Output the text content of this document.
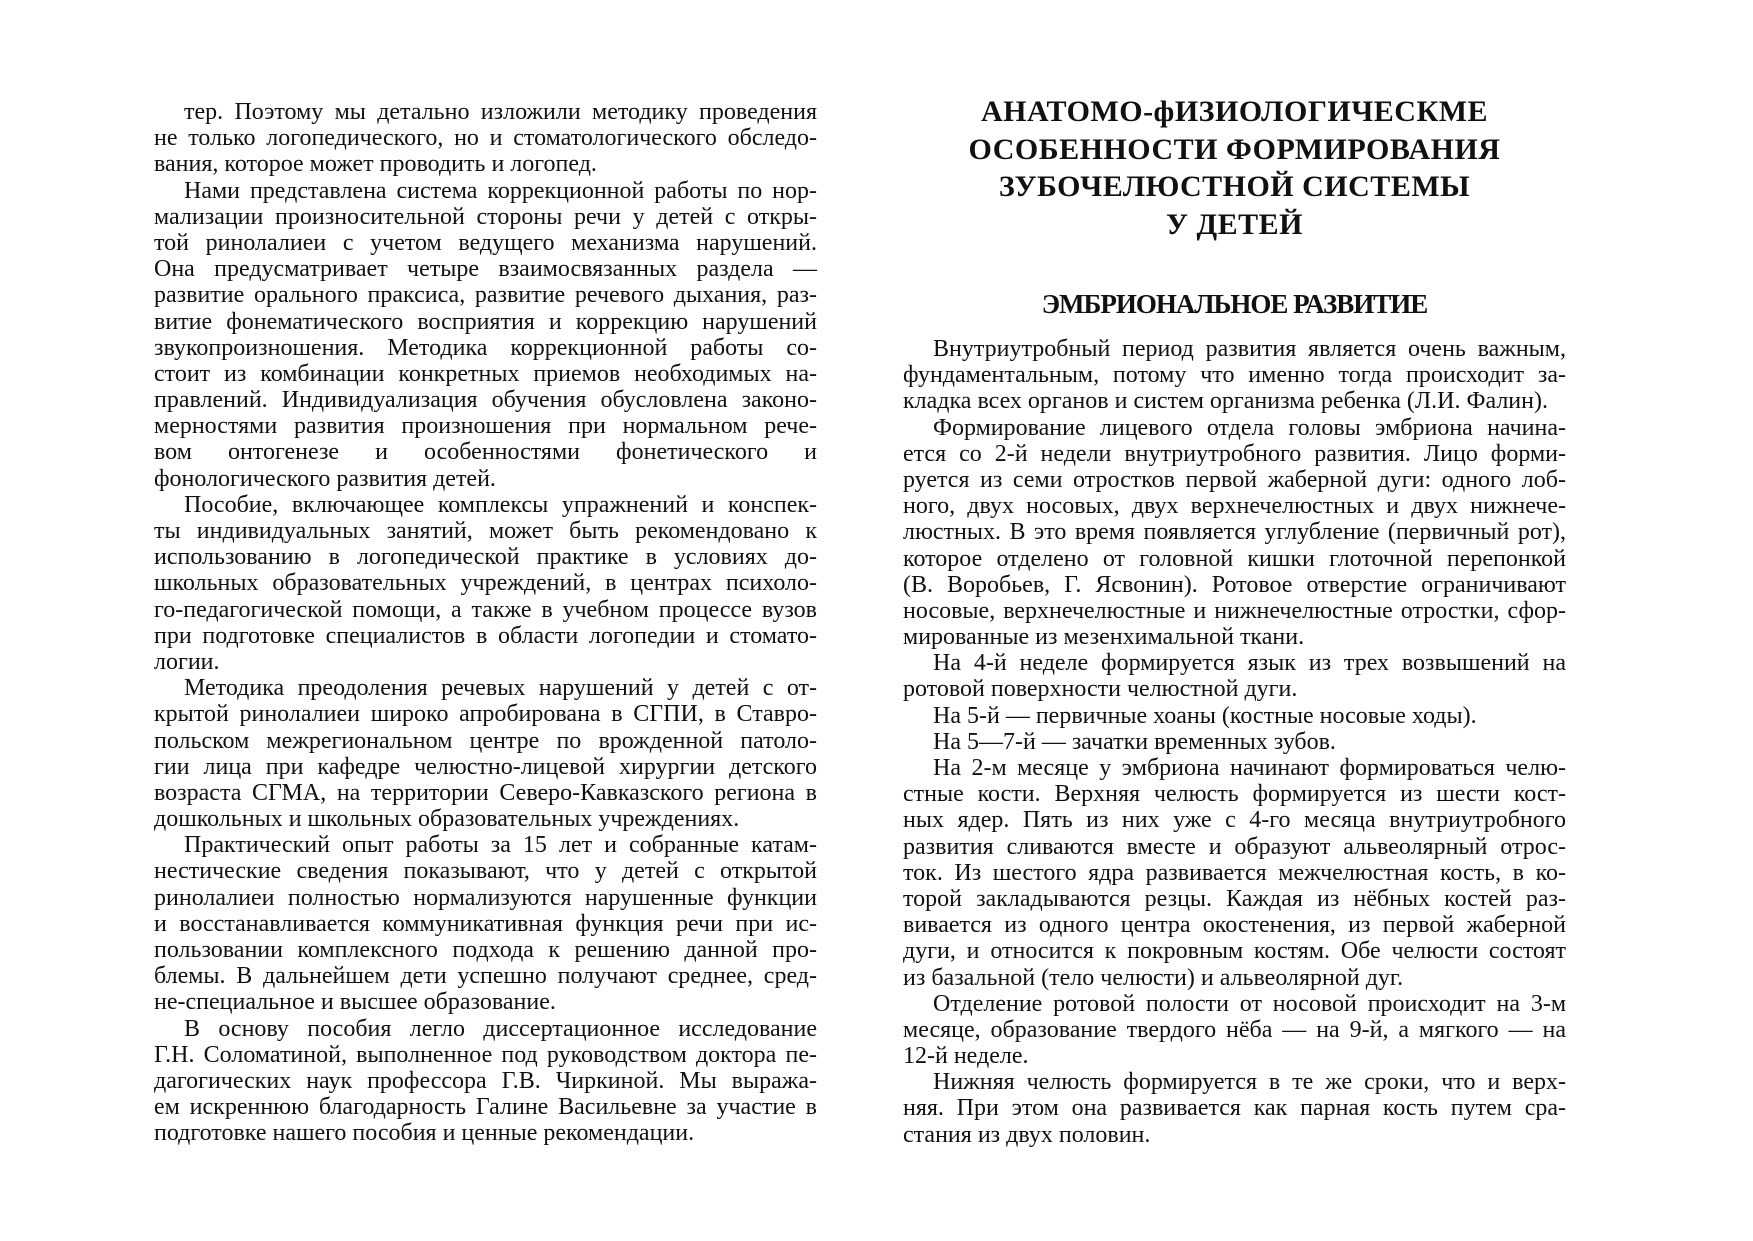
тер. Поэтому мы детально изложили методику проведения
не только логопедического, но и стоматологического обследо-
вания, которое может проводить и логопед.
Нами представлена система коррекционной работы по нор-
мализации произносительной стороны речи у детей с откры-
той ринолалиеи с учетом ведущего механизма нарушений.
Она предусматривает четыре взаимосвязанных раздела —
развитие орального праксиса, развитие речевого дыхания, раз-
витие фонематического восприятия и коррекцию нарушений
звукопроизношения. Методика коррекционной работы со-
стоит из комбинации конкретных приемов необходимых на-
правлений. Индивидуализация обучения обусловлена законо-
мерностями развития произношения при нормальном рече-
вом онтогенезе и особенностями фонетического и
фонологического развития детей.
Пособие, включающее комплексы упражнений и конспек-
ты индивидуальных занятий, может быть рекомендовано к
использованию в логопедической практике в условиях до-
школьных образовательных учреждений, в центрах психоло-
го-педагогической помощи, а также в учебном процессе вузов
при подготовке специалистов в области логопедии и стомато-
логии.
Методика преодоления речевых нарушений у детей с от-
крытой ринолалиеи широко апробирована в СГПИ, в Ставро-
польском межрегиональном центре по врожденной патоло-
гии лица при кафедре челюстно-лицевой хирургии детского
возраста СГМА, на территории Северо-Кавказского региона в
дошкольных и школьных образовательных учреждениях.
Практический опыт работы за 15 лет и собранные катам-
нестические сведения показывают, что у детей с открытой
ринолалиеи полностью нормализуются нарушенные функции
и восстанавливается коммуникативная функция речи при ис-
пользовании комплексного подхода к решению данной про-
блемы. В дальнейшем дети успешно получают среднее, сред-
не-специальное и высшее образование.
В основу пособия легло диссертационное исследование
Г.Н. Соломатиной, выполненное под руководством доктора пе-
дагогических наук профессора Г.В. Чиркиной. Мы выража-
ем искреннюю благодарность Галине Васильевне за участие в
подготовке нашего пособия и ценные рекомендации.
АНАТОМО-фИЗИОЛОГИЧЕСКМЕ
ОСОБЕННОСТИ ФОРМИРОВАНИЯ
ЗУБОЧЕЛЮСТНОЙ СИСТЕМЫ
У ДЕТЕЙ
ЭМБРИОНАЛЬНОЕ РАЗВИТИЕ
Внутриутробный период развития является очень важным,
фундаментальным, потому что именно тогда происходит за-
кладка всех органов и систем организма ребенка (Л.И. Фалин).
Формирование лицевого отдела головы эмбриона начина-
ется со 2-й недели внутриутробного развития. Лицо форми-
руется из семи отростков первой жаберной дуги: одного лоб-
ного, двух носовых, двух верхнечелюстных и двух нижнече-
люстных. В это время появляется углубление (первичный рот),
которое отделено от головной кишки глоточной перепонкой
(В. Воробьев, Г. Ясвонин). Ротовое отверстие ограничивают
носовые, верхнечелюстные и нижнечелюстные отростки, сфор-
мированные из мезенхимальной ткани.
На 4-й неделе формируется язык из трех возвышений на
ротовой поверхности челюстной дуги.
На 5-й — первичные хоаны (костные носовые ходы).
На 5—7-й — зачатки временных зубов.
На 2-м месяце у эмбриона начинают формироваться челю-
стные кости. Верхняя челюсть формируется из шести кост-
ных ядер. Пять из них уже с 4-го месяца внутриутробного
развития сливаются вместе и образуют альвеолярный отрос-
ток. Из шестого ядра развивается межчелюстная кость, в ко-
торой закладываются резцы. Каждая из нёбных костей раз-
вивается из одного центра окостенения, из первой жаберной
дуги, и относится к покровным костям. Обе челюсти состоят
из базальной (тело челюсти) и альвеолярной дуг.
Отделение ротовой полости от носовой происходит на 3-м
месяце, образование твердого нёба — на 9-й, а мягкого — на
12-й неделе.
Нижняя челюсть формируется в те же сроки, что и верх-
няя. При этом она развивается как парная кость путем сра-
стания из двух половин.
